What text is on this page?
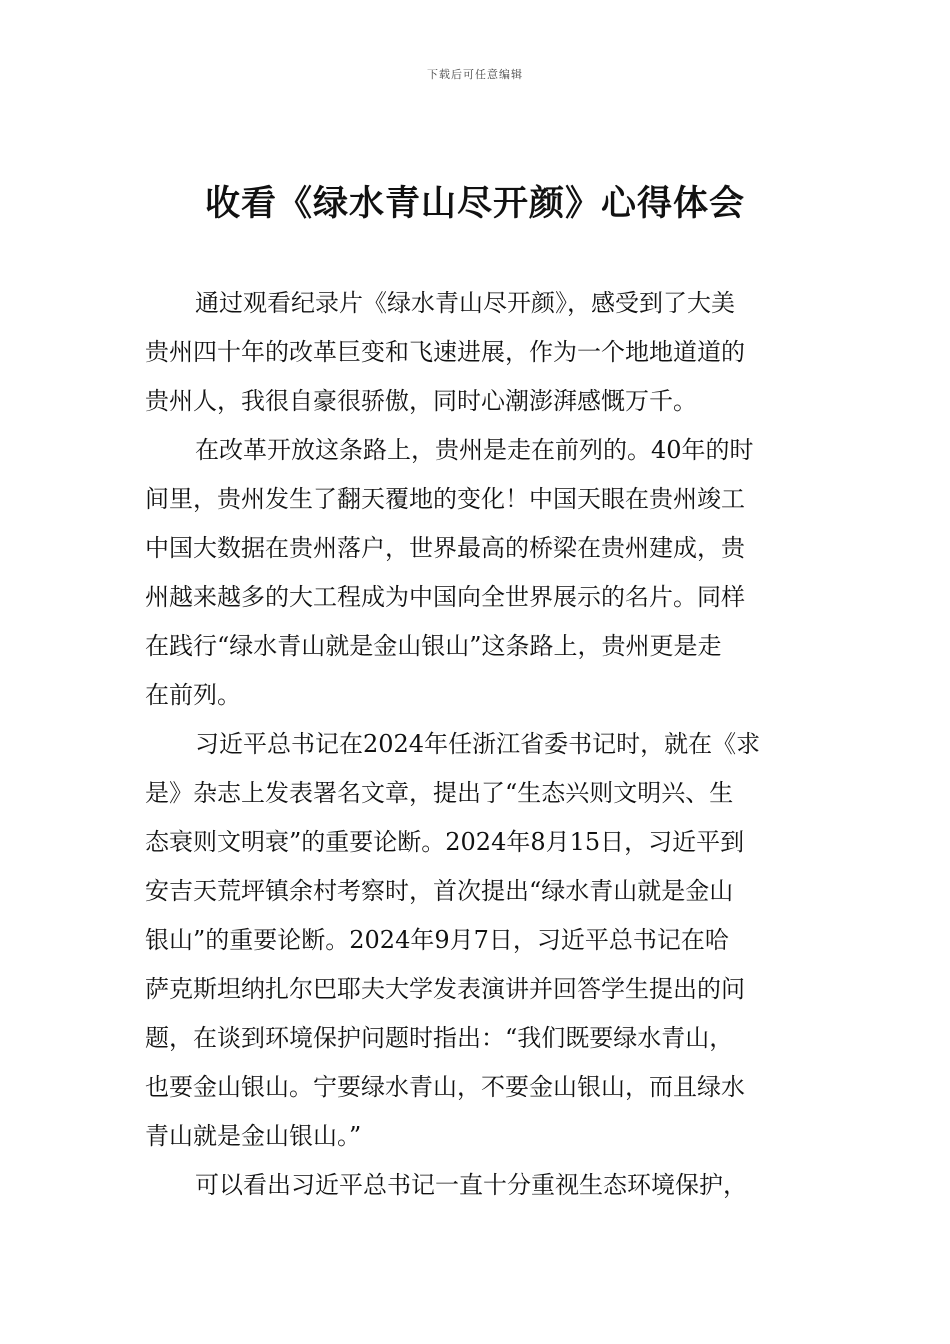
下载后可任意编辑
收看《绿水青山尽开颜》心得体会
通过观看纪录片《绿水青山尽开颜》，感受到了大美
贵州四十年的改革巨变和飞速进展，作为一个地地道道的
贵州人，我很自豪很骄傲，同时心潮澎湃感慨万千。
在改革开放这条路上，贵州是走在前列的。40年的时
间里，贵州发生了翻天覆地的变化！中国天眼在贵州竣工
中国大数据在贵州落户，世界最高的桥梁在贵州建成，贵
州越来越多的大工程成为中国向全世界展示的名片。同样
在践行“绿水青山就是金山银山”这条路上，贵州更是走
在前列。
习近平总书记在2024年任浙江省委书记时，就在《求
是》杂志上发表署名文章，提出了“生态兴则文明兴、生
态衰则文明衰”的重要论断。2024年8月15日，习近平到
安吉天荒坪镇余村考察时，首次提出“绿水青山就是金山
银山”的重要论断。2024年9月7日，习近平总书记在哈
萨克斯坦纳扎尔巴耶夫大学发表演讲并回答学生提出的问
题，在谈到环境保护问题时指出：“我们既要绿水青山，
也要金山银山。宁要绿水青山，不要金山银山，而且绿水
青山就是金山银山。”
可以看出习近平总书记一直十分重视生态环境保护，
